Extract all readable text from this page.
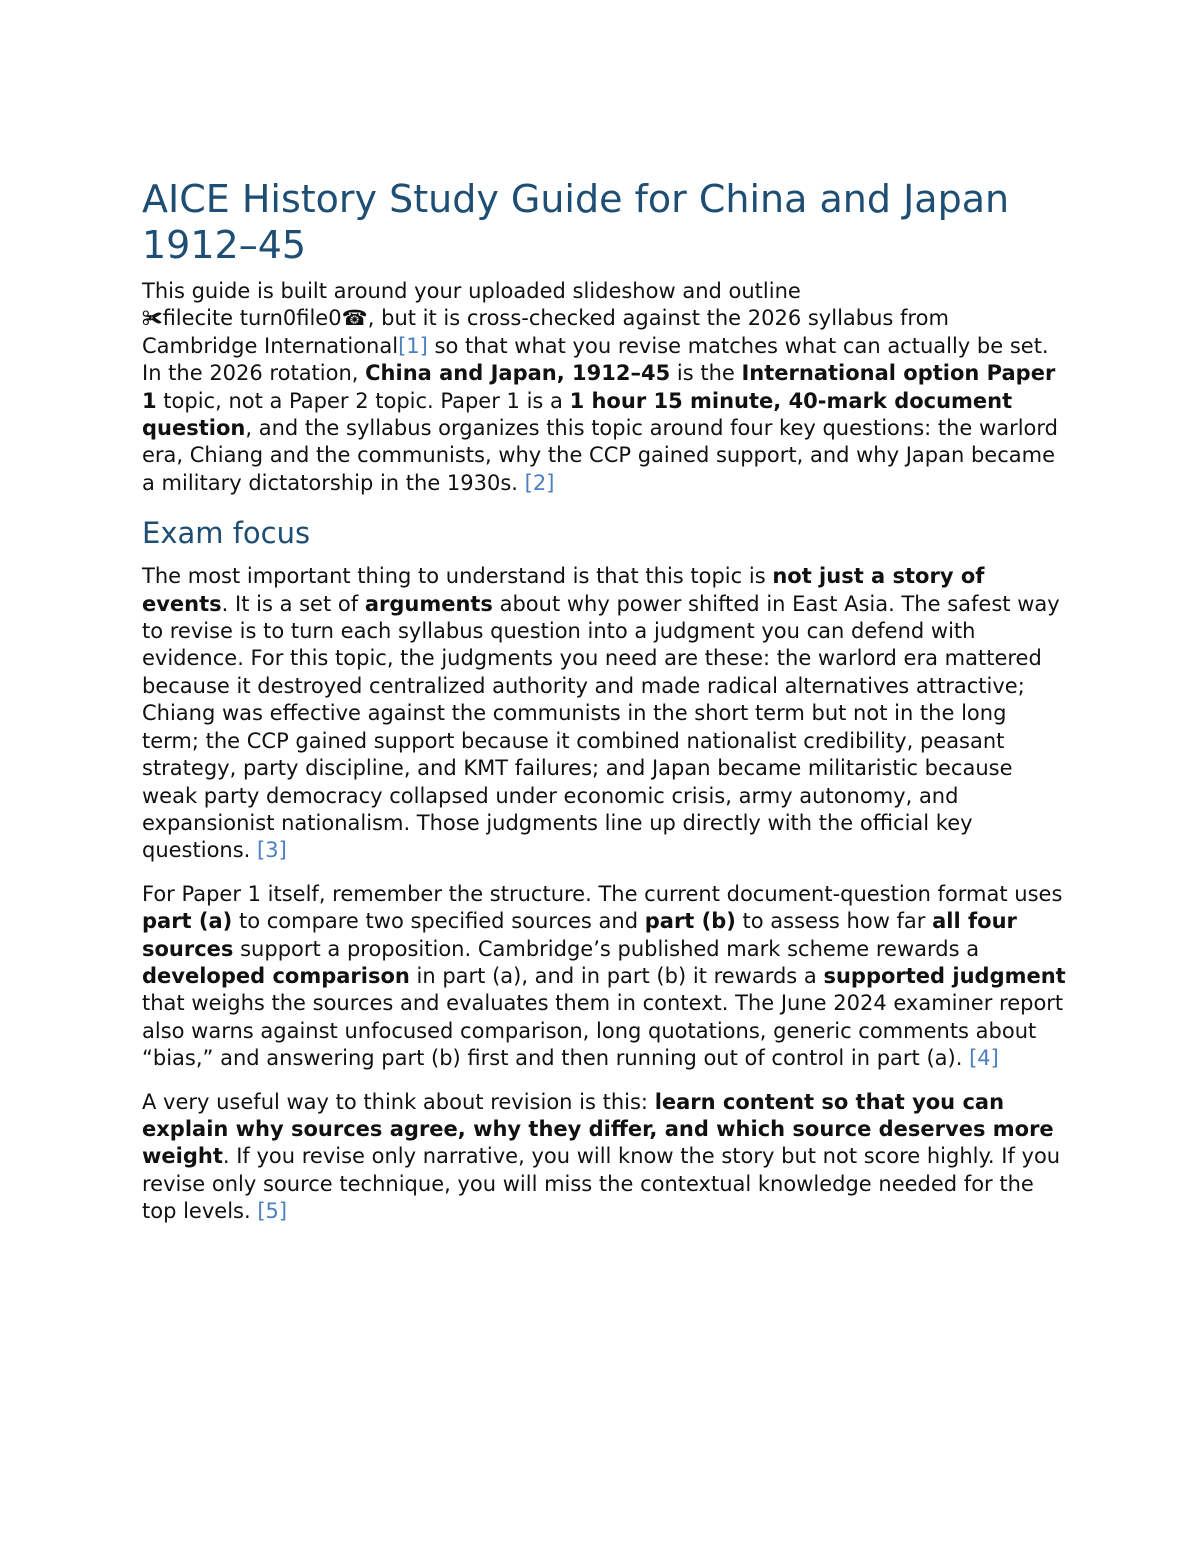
AICE History Study Guide for China and Japan 1912–45

This guide is built around your uploaded slideshow and outline
✀filecite turn0file0☎, but it is cross-checked against the 2026 syllabus from Cambridge International[1] so that what you revise matches what can actually be set. In the 2026 rotation, China and Japan, 1912–45 is the International option Paper 1 topic, not a Paper 2 topic. Paper 1 is a 1 hour 15 minute, 40-mark document question, and the syllabus organizes this topic around four key questions: the warlord era, Chiang and the communists, why the CCP gained support, and why Japan became a military dictatorship in the 1930s. [2]

Exam focus

The most important thing to understand is that this topic is not just a story of events. It is a set of arguments about why power shifted in East Asia. The safest way to revise is to turn each syllabus question into a judgment you can defend with evidence. For this topic, the judgments you need are these: the warlord era mattered because it destroyed centralized authority and made radical alternatives attractive; Chiang was effective against the communists in the short term but not in the long term; the CCP gained support because it combined nationalist credibility, peasant strategy, party discipline, and KMT failures; and Japan became militaristic because weak party democracy collapsed under economic crisis, army autonomy, and expansionist nationalism. Those judgments line up directly with the official key questions. [3]

For Paper 1 itself, remember the structure. The current document-question format uses part (a) to compare two specified sources and part (b) to assess how far all four sources support a proposition. Cambridge’s published mark scheme rewards a developed comparison in part (a), and in part (b) it rewards a supported judgment that weighs the sources and evaluates them in context. The June 2024 examiner report also warns against unfocused comparison, long quotations, generic comments about “bias,” and answering part (b) first and then running out of control in part (a). [4]

A very useful way to think about revision is this: learn content so that you can explain why sources agree, why they differ, and which source deserves more weight. If you revise only narrative, you will know the story but not score highly. If you revise only source technique, you will miss the contextual knowledge needed for the top levels. [5]
